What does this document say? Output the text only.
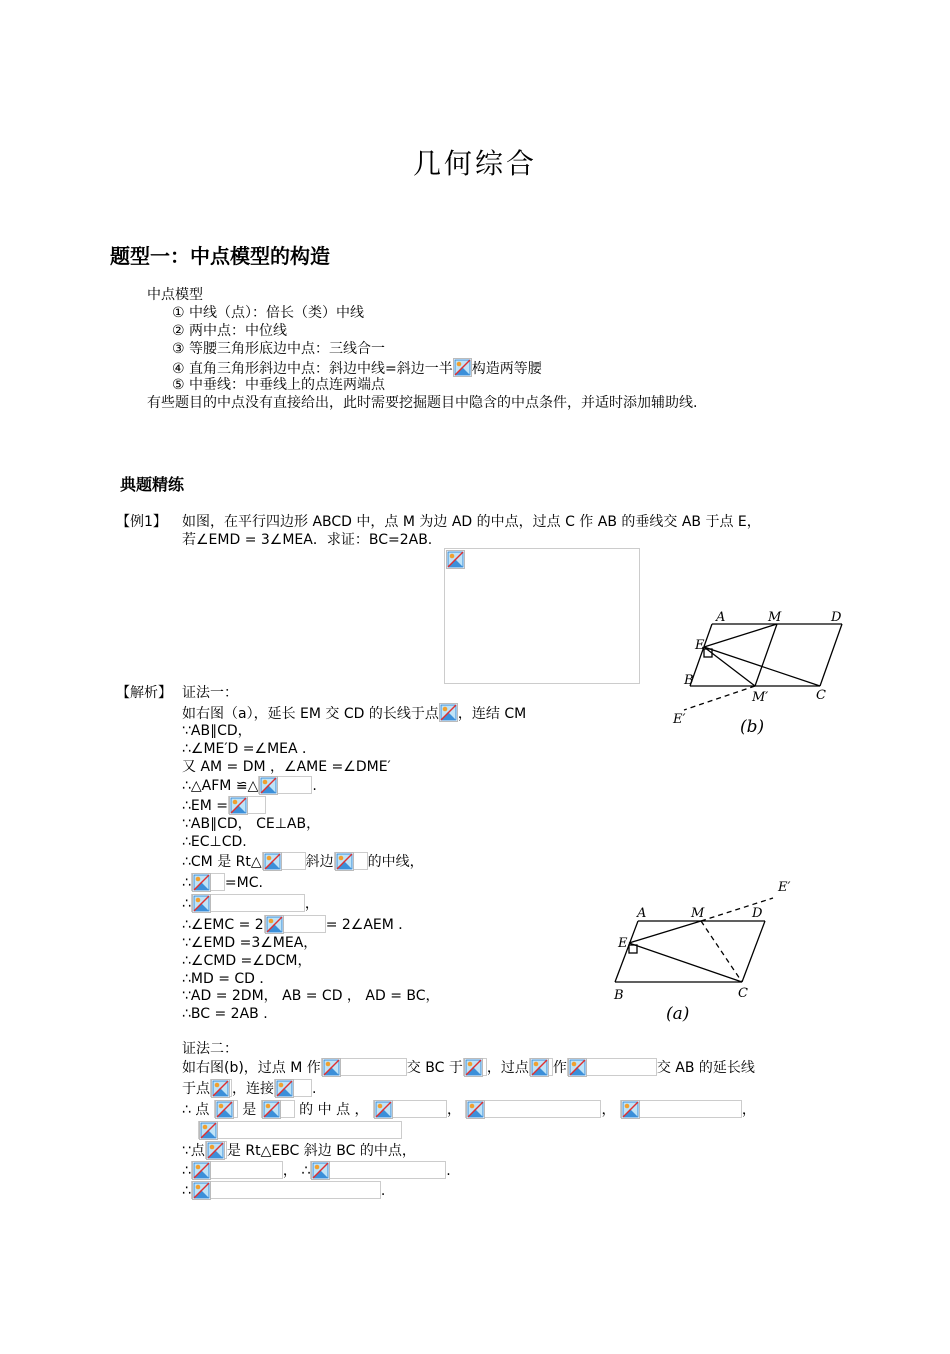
几何综合
题型一：中点模型的构造
中点模型
① 中线（点）：倍长（类）中线
② 两中点：中位线
③ 等腰三角形底边中点：三线合一
④ 直角三角形斜边中点：斜边中线=斜边一半 构造两等腰
⑤ 中垂线：中垂线上的点连两端点
有些题目的中点没有直接给出，此时需要挖掘题目中隐含的中点条件，并适时添加辅助线.
典题精练
【例1】 如图，在平行四边形 ABCD 中，点 M 为边 AD 的中点，过点 C 作 AB 的垂线交 AB 于点 E，
若∠EMD = 3∠MEA．求证：BC=2AB.
A	M	D
E
B
M′	C
E′	(b)
【解析】 证法一：
如右图（a），延长 EM 交 CD 的长线于点 ，连结 CM
∵AB∥CD，
∴∠ME′D =∠MEA ．
又 AM = DM ，∠AME =∠DME′
∴△AFM ≌△	.
∴EM =
∵AB∥CD， CE⊥AB，
∴EC⊥CD.
∴CM 是 Rt△	斜边 的中线，
∴ =MC.
∴	，
∴∠EMC = 2	= 2∠AEM ．
∵∠EMD =3∠MEA，
∴∠CMD =∠DCM，
∴MD = CD ．
∵AD = 2DM， AB = CD ， AD = BC，
∴BC = 2AB .
A	M	D
E
B	C
E′
(a)
证法二：
如右图(b)，过点 M 作	交 BC 于 ，过点 作	交 AB 的延长线
于点 ，连接	.
∴ 点 是	的 中 点 ，	，	，	，
∵点 是 Rt△EBC 斜边 BC 的中点，
∴	， ∴	.
∴	.
